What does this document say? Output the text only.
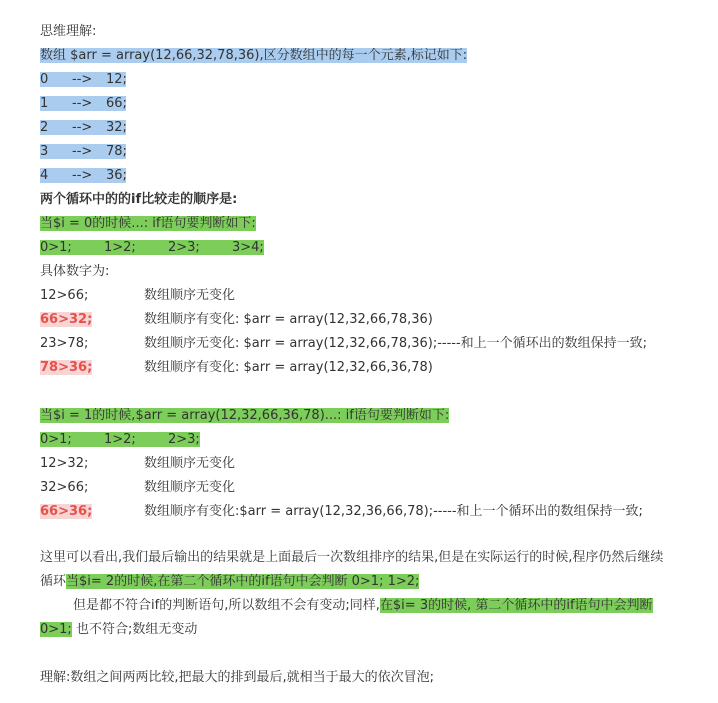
思维理解:
数组 $arr = array(12,66,32,78,36),区分数组中的每一个元素,标记如下:
0 --> 12;
1 --> 66;
2 --> 32;
3 --> 78;
4 --> 36;
两个循环中的的if比较走的顺序是:
当$i = 0的时候...: if语句要判断如下:
0>1; 1>2; 2>3; 3>4;
具体数字为:
12>66;	数组顺序无变化
66>32;	数组顺序有变化: $arr = array(12,32,66,78,36)
23>78;	数组顺序无变化: $arr = array(12,32,66,78,36);-----和上一个循环出的数组保持一致;
78>36;	数组顺序有变化: $arr = array(12,32,66,36,78)
当$i = 1的时候,$arr = array(12,32,66,36,78)...: if语句要判断如下:
0>1; 1>2; 2>3;
12>32;	数组顺序无变化
32>66;	数组顺序无变化
66>36;	数组顺序有变化:$arr = array(12,32,36,66,78);-----和上一个循环出的数组保持一致;
这里可以看出,我们最后输出的结果就是上面最后一次数组排序的结果,但是在实际运行的时候,程序仍然后继续循环当$i= 2的时候,在第二个循环中的if语句中会判断 0>1; 1>2;        但是都不符合if的判断语句,所以数组不会有变动;同样,在$i= 3的时候, 第二个循环中的if语句中会判断 0>1; 也不符合;数组无变动
理解:数组之间两两比较,把最大的排到最后,就相当于最大的依次冒泡;
